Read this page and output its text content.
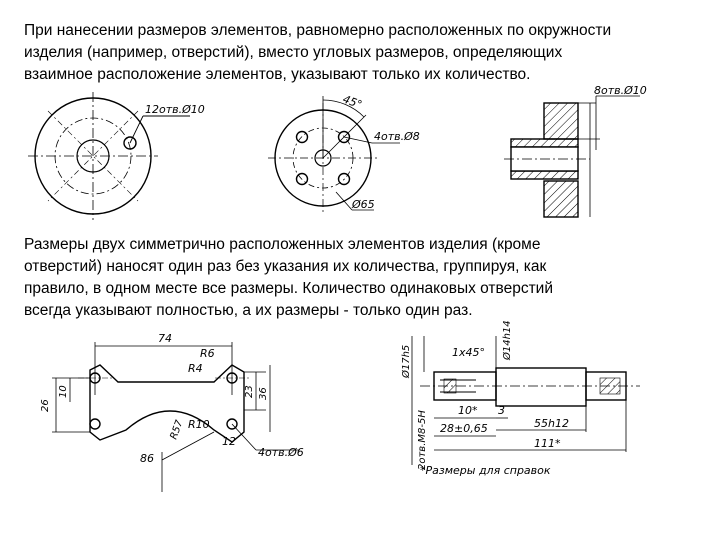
При нанесении размеров элементов, равномерно расположенных по окружности
изделия (например, отверстий), вместо угловых размеров, определяющих
взаимное расположение элементов, указывают только их количество.
Размеры двух симметрично расположенных элементов изделия (кроме
отверстий) наносят один раз без указания их количества, группируя, как
правило, в одном месте все размеры. Количество одинаковых отверстий
всегда указывают полностью, а их размеры - только один раз.
12отв.Ø10	45°
4отв.Ø8
Ø65
8отв.Ø10
74
R6
R4
26
10	23 36
R57 R10
12
4отв.Ø6
86
Ø17h5
Ø14h14
1х45°
2отв.М8-5Н	10* 3
28±0,65	55h12
111*
*Размеры для справок
